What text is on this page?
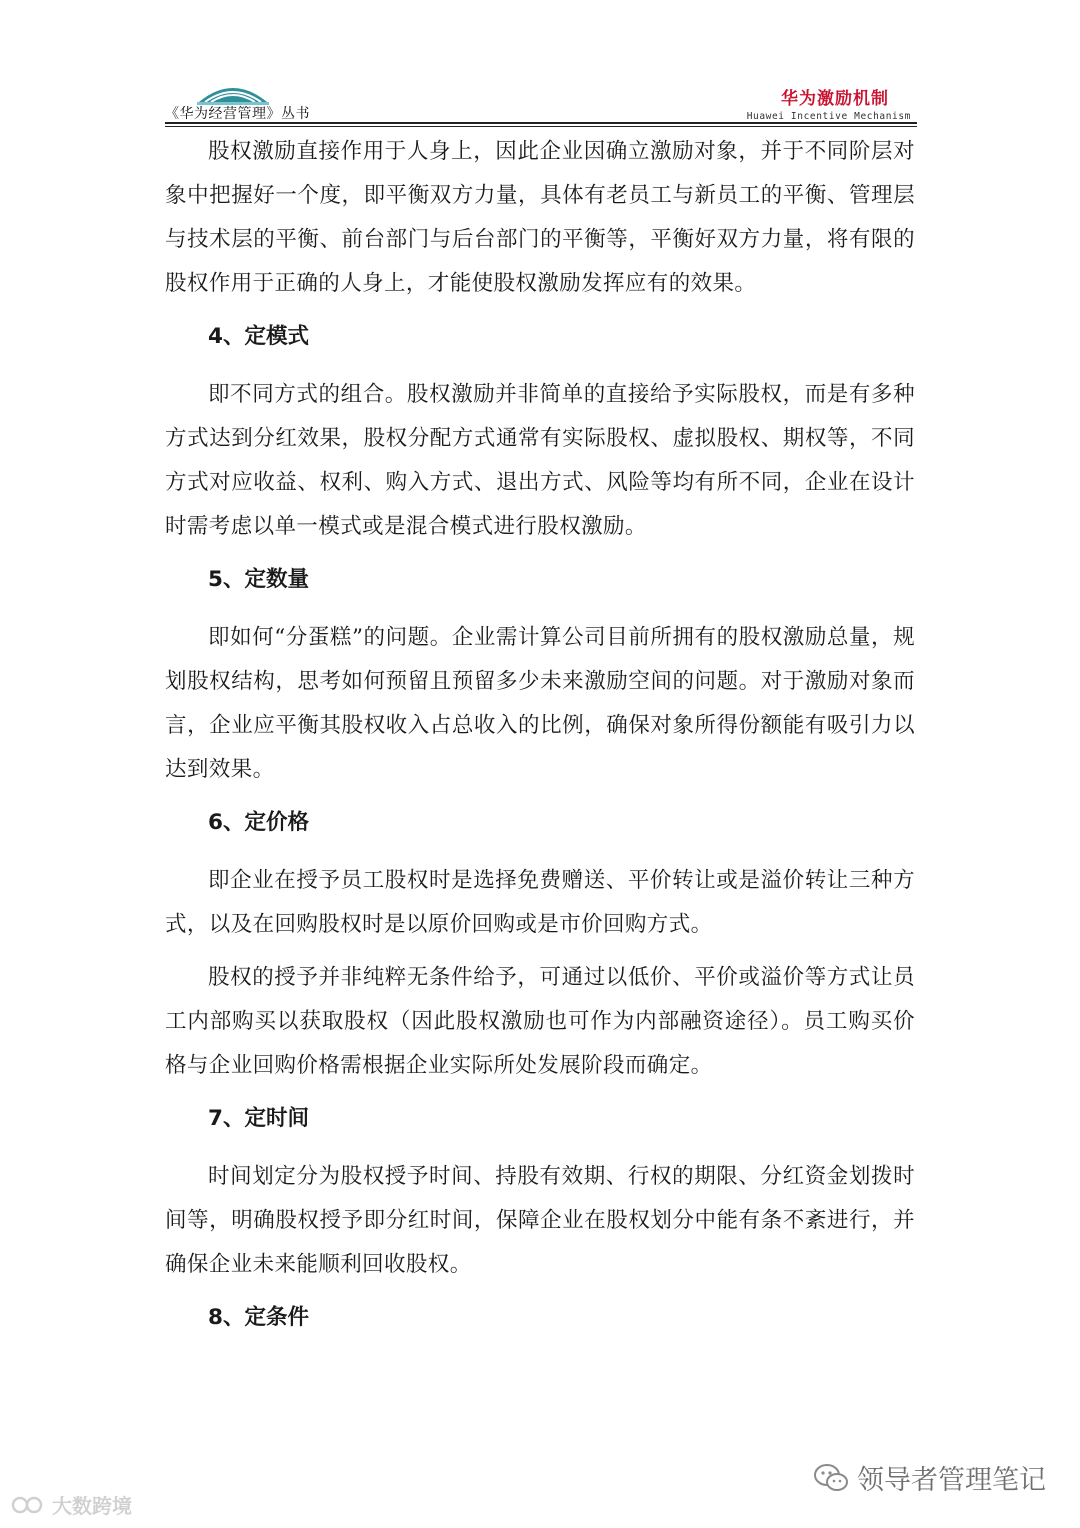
《华为经营管理》丛书
华为激励机制
Huawei Incentive Mechanism

股权激励直接作用于人身上，因此企业因确立激励对象，并于不同阶层对象中把握好一个度，即平衡双方力量，具体有老员工与新员工的平衡、管理层与技术层的平衡、前台部门与后台部门的平衡等，平衡好双方力量，将有限的股权作用于正确的人身上，才能使股权激励发挥应有的效果。

4、定模式

即不同方式的组合。股权激励并非简单的直接给予实际股权，而是有多种方式达到分红效果，股权分配方式通常有实际股权、虚拟股权、期权等，不同方式对应收益、权利、购入方式、退出方式、风险等均有所不同，企业在设计时需考虑以单一模式或是混合模式进行股权激励。

5、定数量

即如何“分蛋糕”的问题。企业需计算公司目前所拥有的股权激励总量，规划股权结构，思考如何预留且预留多少未来激励空间的问题。对于激励对象而言，企业应平衡其股权收入占总收入的比例，确保对象所得份额能有吸引力以达到效果。

6、定价格

即企业在授予员工股权时是选择免费赠送、平价转让或是溢价转让三种方式，以及在回购股权时是以原价回购或是市价回购方式。

股权的授予并非纯粹无条件给予，可通过以低价、平价或溢价等方式让员工内部购买以获取股权（因此股权激励也可作为内部融资途径）。员工购买价格与企业回购价格需根据企业实际所处发展阶段而确定。

7、定时间

时间划定分为股权授予时间、持股有效期、行权的期限、分红资金划拨时间等，明确股权授予即分红时间，保障企业在股权划分中能有条不紊进行，并确保企业未来能顺利回收股权。

8、定条件
领导者管理笔记
大数跨境
